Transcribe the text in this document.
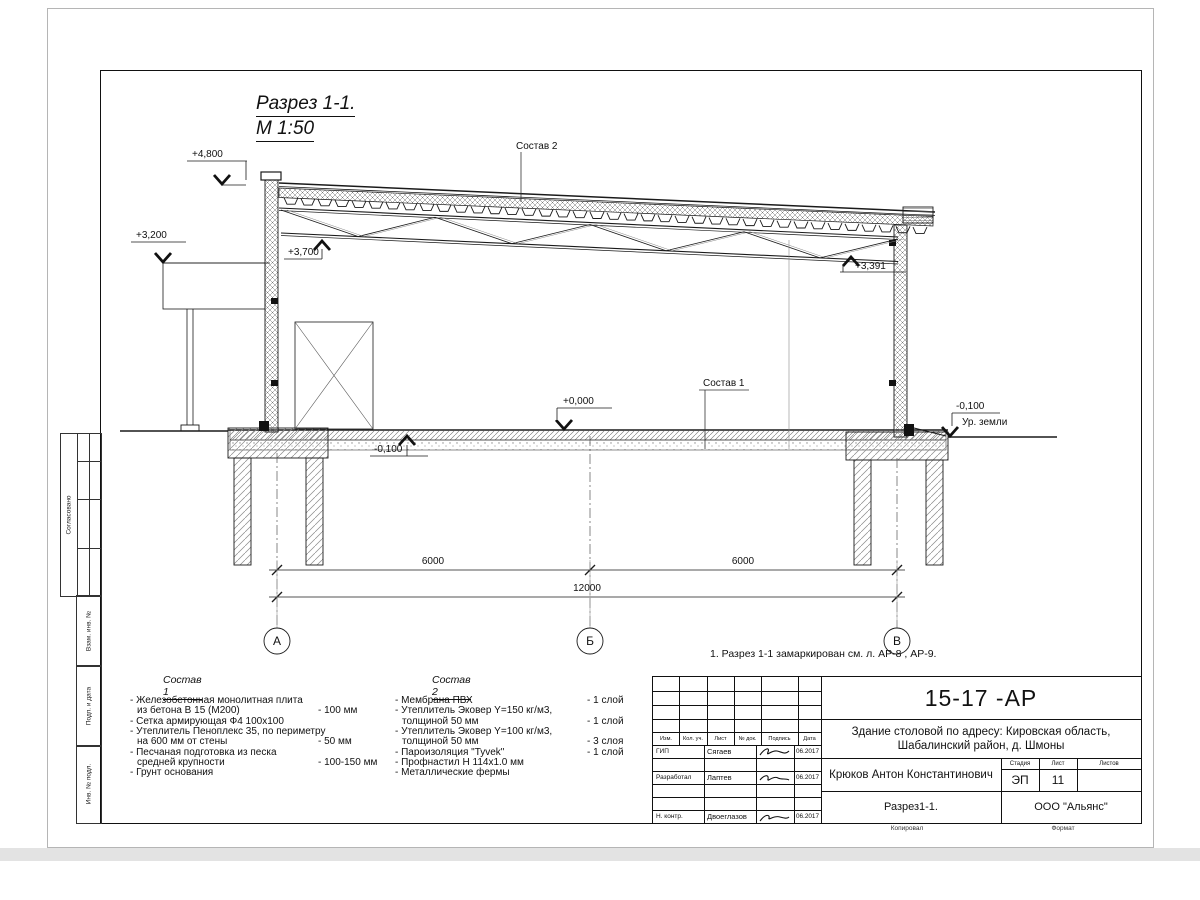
Разрез 1-1.
М 1:50
+4,800
+3,200
+3,700
+3,391
+0,000
-0,100
-0,100
Ур. земли
Состав 2
Состав 1
6000	6000
12000
А	Б	В
1. Разрез 1-1 замаркирован см. л. АР-8 , АР-9.
Состав 1
- Железобетонная монолитная плита
из бетона В 15 (М200)	- 100 мм
- Сетка армирующая Ф4 100х100
- Утеплитель Пеноплекс 35, по периметру
на 600 мм от стены	- 50 мм
- Песчаная подготовка из песка
средней крупности	- 100-150 мм
- Грунт основания
Состав 2
- Мембрана ПВХ	- 1 слой
- Утеплитель Эковер Y=150 кг/м3,
толщиной 50 мм	- 1 слой
- Утеплитель Эковер Y=100 кг/м3,
толщиной 50 мм	- 3 слоя
- Пароизоляция "Tyvek"	- 1 слой
- Профнастил Н 114х1.0 мм
- Металлические фермы
Согласовано
Взам. инв. №
Подп. и дата
Инв. № подл.
Изм.	Кол. уч.	Лист	№ док.	Подпись	Дата
ГИП	Сягаев	06.2017
Разработал	Лаптев	06.2017
Н. контр.	Двоеглазов	06.2017
15-17 -АР
Здание столовой по адресу: Кировская область,
Шабалинский район, д. Шмоны
Крюков Антон Константинович
Разрез1-1.
Стадия	Лист	Листов
ЭП	11
ООО "Альянс"
Копировал	Формат
